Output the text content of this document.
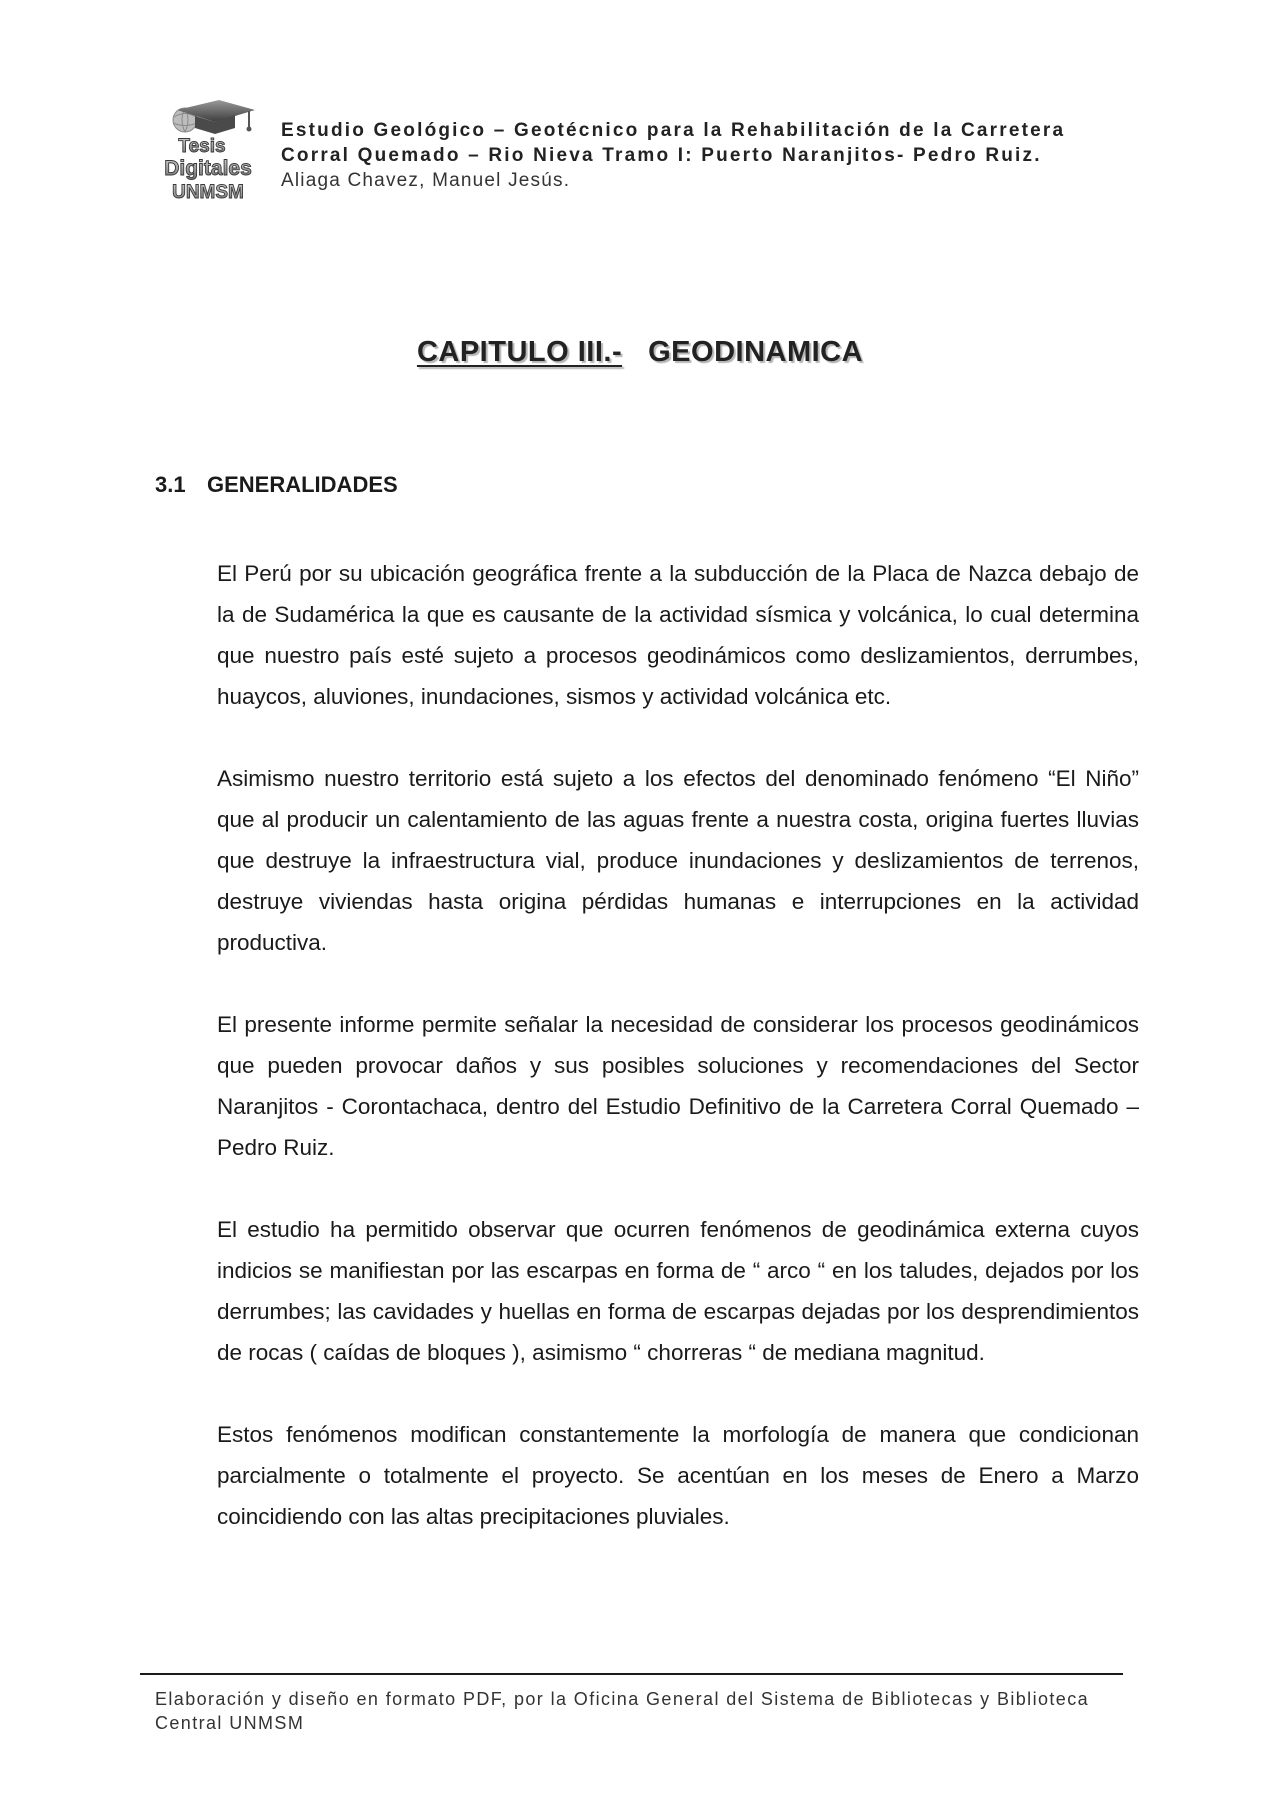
Tesis
Digitales
UNMSM
Estudio Geológico – Geotécnico para la Rehabilitación de la Carretera
Corral Quemado – Rio Nieva Tramo I: Puerto Naranjitos- Pedro Ruiz.
Aliaga Chavez, Manuel Jesús.
CAPITULO III.- GEODINAMICA
3.1 GENERALIDADES

El Perú por su ubicación geográfica frente a la subducción de la Placa de Nazca debajo de la de Sudamérica la que es causante de la actividad sísmica y volcánica, lo cual determina que nuestro país esté sujeto a procesos geodinámicos como deslizamientos, derrumbes, huaycos, aluviones, inundaciones, sismos y actividad volcánica etc.

Asimismo nuestro territorio está sujeto a los efectos del denominado fenómeno “El Niño” que al producir un calentamiento de las aguas frente a nuestra costa, origina fuertes lluvias que destruye la infraestructura vial, produce inundaciones y deslizamientos de terrenos, destruye viviendas hasta origina pérdidas humanas e interrupciones en la actividad productiva.

El presente informe permite señalar la necesidad de considerar los procesos geodinámicos que pueden provocar daños y sus posibles soluciones y recomendaciones del Sector Naranjitos - Corontachaca, dentro del Estudio Definitivo de la Carretera Corral Quemado – Pedro Ruiz.

El estudio ha permitido observar que ocurren fenómenos de geodinámica externa cuyos indicios se manifiestan por las escarpas en forma de “ arco “ en los taludes, dejados por los derrumbes; las cavidades y huellas en forma de escarpas dejadas por los desprendimientos de rocas ( caídas de bloques ), asimismo “ chorreras “ de mediana magnitud.

Estos fenómenos modifican constantemente la morfología de manera que condicionan parcialmente o totalmente el proyecto. Se acentúan en los meses de Enero a Marzo coincidiendo con las altas precipitaciones pluviales.

Elaboración y diseño en formato PDF, por la Oficina General del Sistema de Bibliotecas y Biblioteca Central UNMSM
